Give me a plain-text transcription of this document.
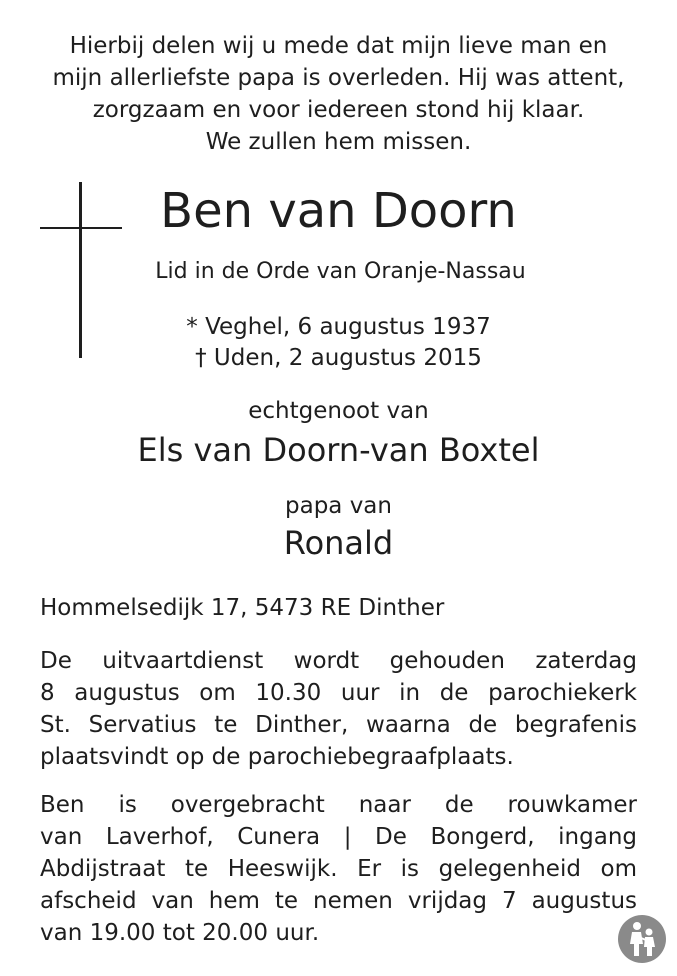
Hierbij delen wij u mede dat mijn lieve man en
mijn allerliefste papa is overleden. Hij was attent,
zorgzaam en voor iedereen stond hij klaar.
We zullen hem missen.
Ben van Doorn
Lid in de Orde van Oranje-Nassau
* Veghel, 6 augustus 1937
† Uden, 2 augustus 2015
echtgenoot van
Els van Doorn-van Boxtel
papa van
Ronald
Hommelsedijk 17, 5473 RE Dinther
De uitvaartdienst wordt gehouden zaterdag
8 augustus om 10.30 uur in de parochiekerk
St. Servatius te Dinther, waarna de begrafenis
plaatsvindt op de parochiebegraafplaats.
Ben is overgebracht naar de rouwkamer
van Laverhof, Cunera | De Bongerd, ingang
Abdijstraat te Heeswijk. Er is gelegenheid om
afscheid van hem te nemen vrijdag 7 augustus
van 19.00 tot 20.00 uur.
